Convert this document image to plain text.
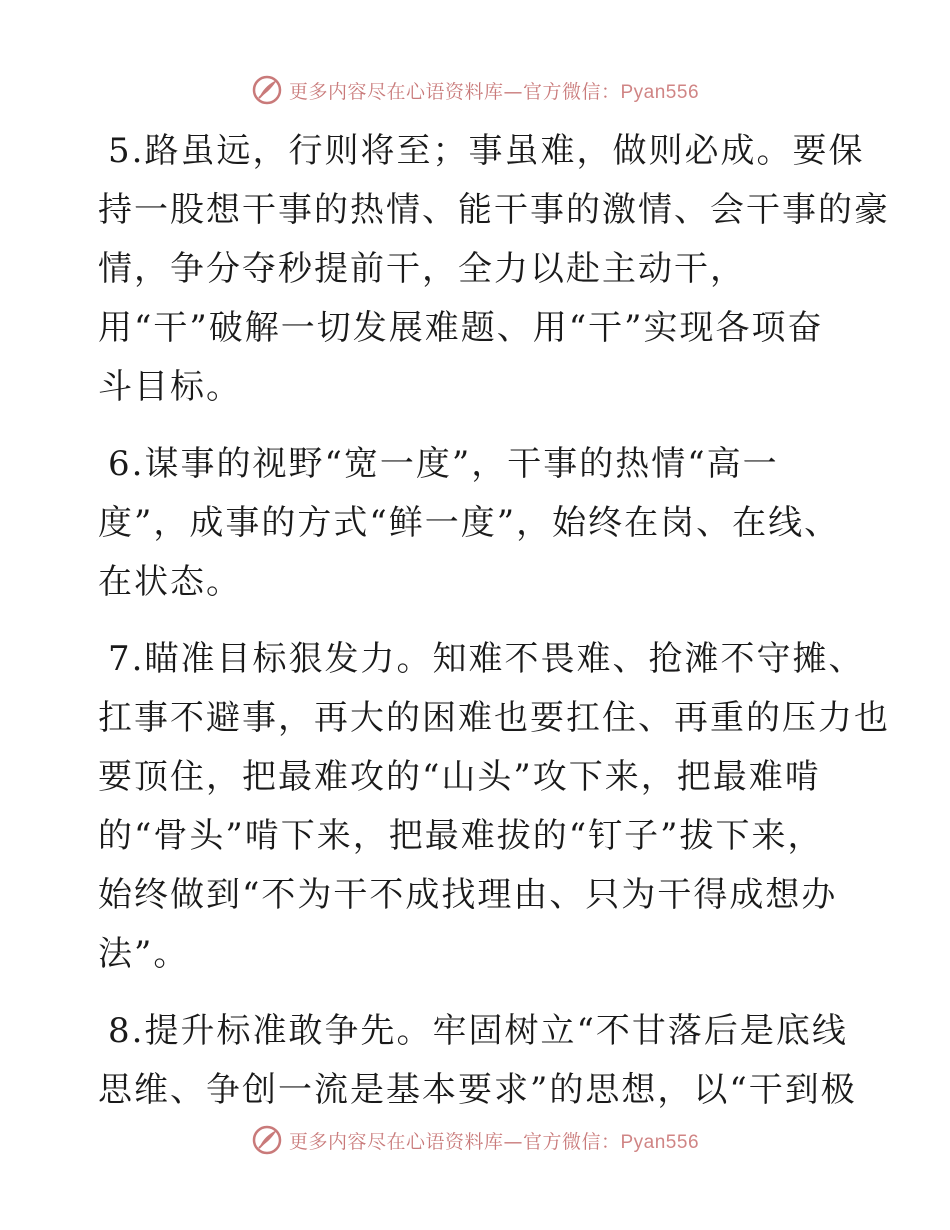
更多内容尽在心语资料库—官方微信：Pyan556
5.路虽远，行则将至；事虽难，做则必成。要保
持一股想干事的热情、能干事的激情、会干事的豪
情，争分夺秒提前干，全力以赴主动干，
用“干”破解一切发展难题、用“干”实现各项奋
斗目标。
6.谋事的视野“宽一度”，干事的热情“高一
度”，成事的方式“鲜一度”，始终在岗、在线、
在状态。
7.瞄准目标狠发力。知难不畏难、抢滩不守摊、
扛事不避事，再大的困难也要扛住、再重的压力也
要顶住，把最难攻的“山头”攻下来，把最难啃
的“骨头”啃下来，把最难拔的“钉子”拔下来，
始终做到“不为干不成找理由、只为干得成想办
法”。
8.提升标准敢争先。牢固树立“不甘落后是底线
思维、争创一流是基本要求”的思想，以“干到极
更多内容尽在心语资料库—官方微信：Pyan556
